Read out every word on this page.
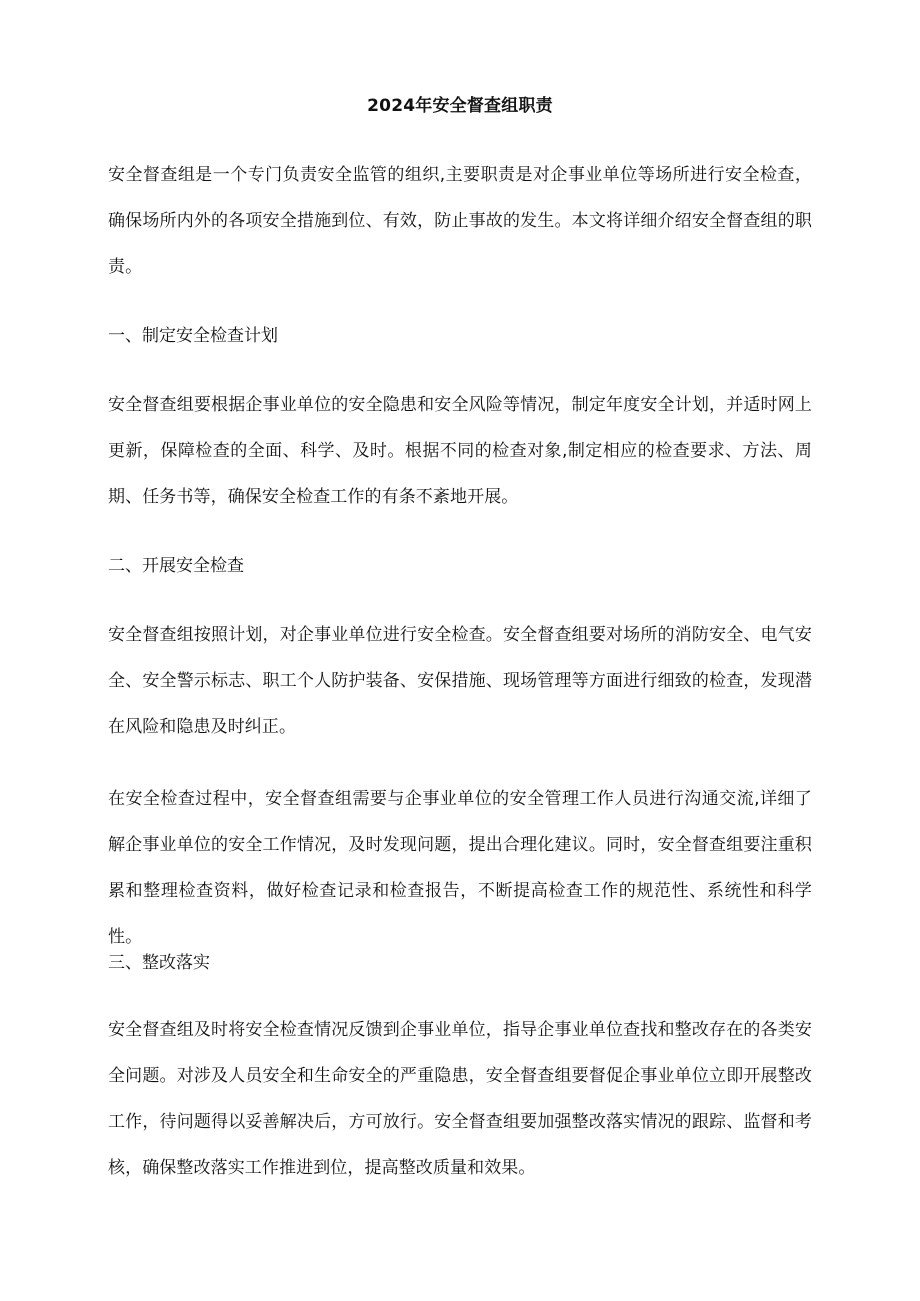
2024年安全督查组职责

安全督查组是一个专门负责安全监管的组织,主要职责是对企事业单位等场所进行安全检查，确保场所内外的各项安全措施到位、有效，防止事故的发生。本文将详细介绍安全督查组的职责。

一、制定安全检查计划

安全督查组要根据企事业单位的安全隐患和安全风险等情况，制定年度安全计划，并适时网上更新，保障检查的全面、科学、及时。根据不同的检查对象,制定相应的检查要求、方法、周期、任务书等，确保安全检查工作的有条不紊地开展。

二、开展安全检查

安全督查组按照计划，对企事业单位进行安全检查。安全督查组要对场所的消防安全、电气安全、安全警示标志、职工个人防护装备、安保措施、现场管理等方面进行细致的检查，发现潜在风险和隐患及时纠正。

在安全检查过程中，安全督查组需要与企事业单位的安全管理工作人员进行沟通交流,详细了解企事业单位的安全工作情况，及时发现问题，提出合理化建议。同时，安全督查组要注重积累和整理检查资料，做好检查记录和检查报告，不断提高检查工作的规范性、系统性和科学性。

三、整改落实

安全督查组及时将安全检查情况反馈到企事业单位，指导企事业单位查找和整改存在的各类安全问题。对涉及人员安全和生命安全的严重隐患，安全督查组要督促企事业单位立即开展整改工作，待问题得以妥善解决后，方可放行。安全督查组要加强整改落实情况的跟踪、监督和考核，确保整改落实工作推进到位，提高整改质量和效果。
